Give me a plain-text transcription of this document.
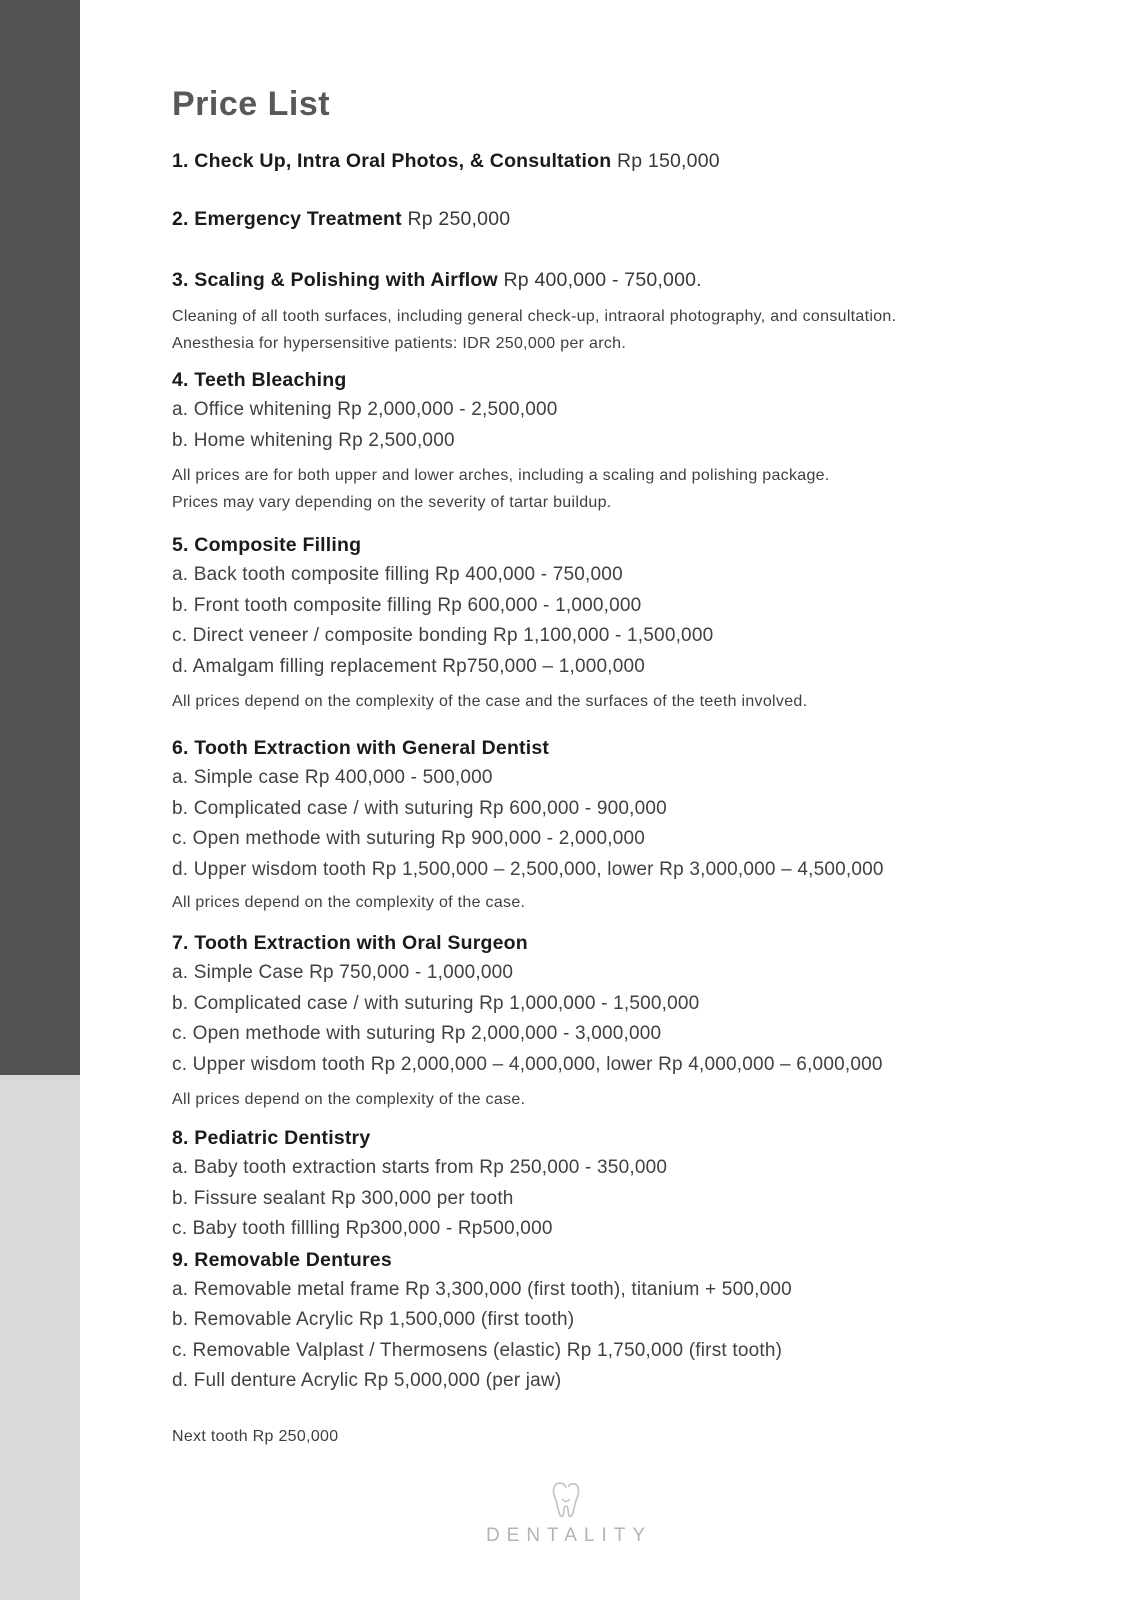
Price List
1. Check Up, Intra Oral Photos, & Consultation Rp 150,000
2. Emergency Treatment Rp 250,000
3. Scaling & Polishing with Airflow Rp 400,000 - 750,000.
Cleaning of all tooth surfaces, including general check-up, intraoral photography, and consultation.
Anesthesia for hypersensitive patients: IDR 250,000 per arch.
4. Teeth Bleaching
a. Office whitening Rp 2,000,000 - 2,500,000
b. Home whitening Rp 2,500,000
All prices are for both upper and lower arches, including a scaling and polishing package.
Prices may vary depending on the severity of tartar buildup.
5. Composite Filling
a. Back tooth composite filling Rp 400,000 - 750,000
b. Front tooth composite filling Rp 600,000 - 1,000,000
c. Direct veneer / composite bonding Rp 1,100,000 - 1,500,000
d. Amalgam filling replacement Rp750,000 – 1,000,000
All prices depend on the complexity of the case and the surfaces of the teeth involved.
6. Tooth Extraction with General Dentist
a. Simple case Rp 400,000 - 500,000
b. Complicated case / with suturing Rp 600,000 - 900,000
c. Open methode with suturing Rp 900,000 - 2,000,000
d. Upper wisdom tooth Rp 1,500,000 – 2,500,000, lower Rp 3,000,000 – 4,500,000
All prices depend on the complexity of the case.
7. Tooth Extraction with Oral Surgeon
a. Simple Case Rp 750,000 - 1,000,000
b. Complicated case / with suturing Rp 1,000,000 - 1,500,000
c. Open methode with suturing Rp 2,000,000 - 3,000,000
c. Upper wisdom tooth Rp 2,000,000 – 4,000,000, lower Rp 4,000,000 – 6,000,000
All prices depend on the complexity of the case.
8. Pediatric Dentistry
a. Baby tooth extraction starts from Rp 250,000 - 350,000
b. Fissure sealant Rp 300,000 per tooth
c. Baby tooth fillling Rp300,000 - Rp500,000
9. Removable Dentures
a. Removable metal frame Rp 3,300,000 (first tooth), titanium + 500,000
b. Removable Acrylic Rp 1,500,000 (first tooth)
c. Removable Valplast / Thermosens (elastic) Rp 1,750,000 (first tooth)
d. Full denture Acrylic Rp 5,000,000 (per jaw)
Next tooth Rp 250,000
DENTALITY
